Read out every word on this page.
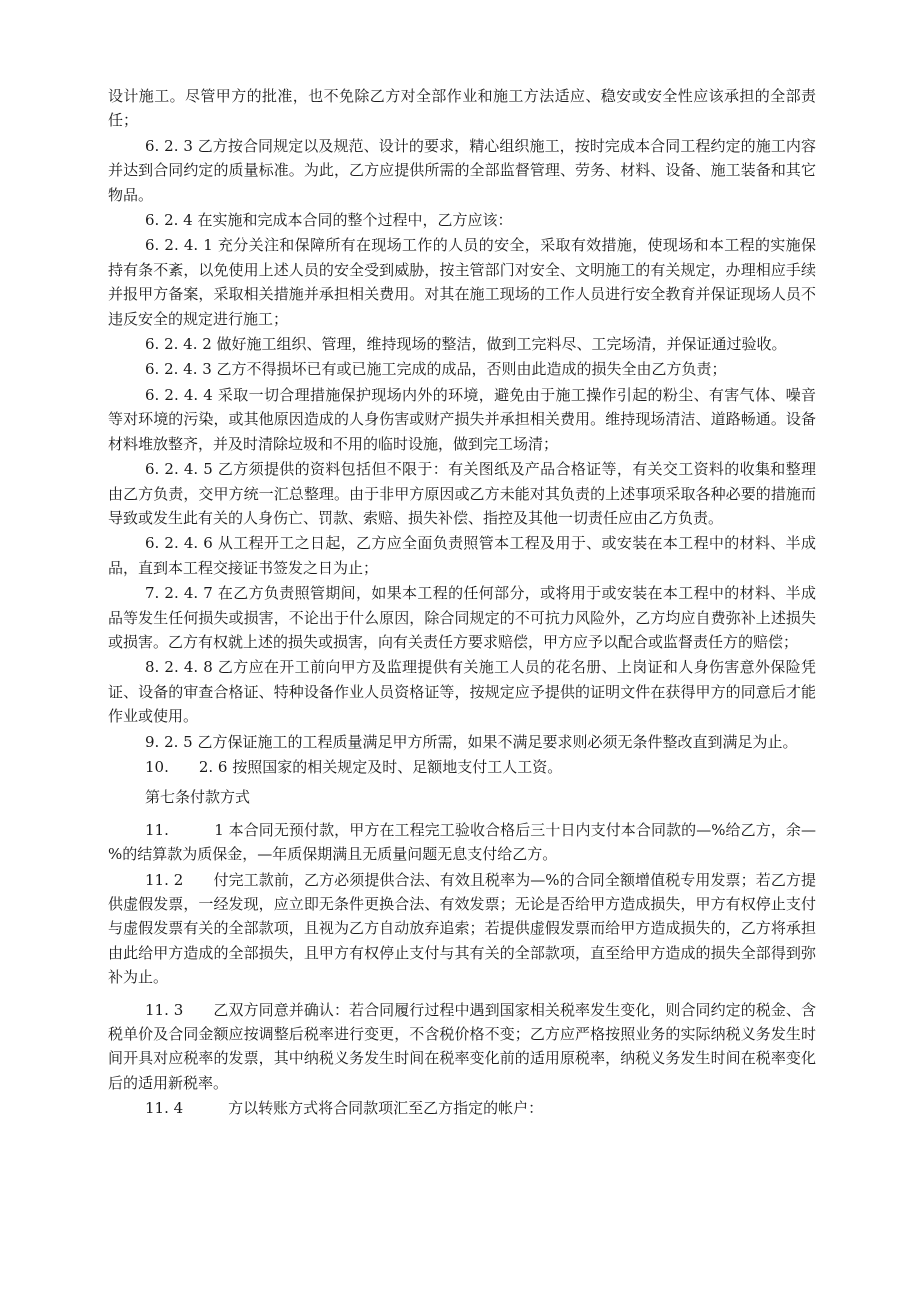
设计施工。尽管甲方的批准，也不免除乙方对全部作业和施工方法适应、稳安或安全性应该承担的全部责任；

6. 2. 3 乙方按合同规定以及规范、设计的要求，精心组织施工，按时完成本合同工程约定的施工内容并达到合同约定的质量标准。为此，乙方应提供所需的全部监督管理、劳务、材料、设备、施工装备和其它物品。

6. 2. 4 在实施和完成本合同的整个过程中，乙方应该：

6. 2. 4. 1 充分关注和保障所有在现场工作的人员的安全，采取有效措施，使现场和本工程的实施保持有条不紊，以免使用上述人员的安全受到威胁，按主管部门对安全、文明施工的有关规定，办理相应手续并报甲方备案，采取相关措施并承担相关费用。对其在施工现场的工作人员进行安全教育并保证现场人员不违反安全的规定进行施工；

6. 2. 4. 2 做好施工组织、管理，维持现场的整洁，做到工完料尽、工完场清，并保证通过验收。

6. 2. 4. 3 乙方不得损坏已有或已施工完成的成品，否则由此造成的损失全由乙方负责；

6. 2. 4. 4 采取一切合理措施保护现场内外的环境，避免由于施工操作引起的粉尘、有害气体、噪音等对环境的污染，或其他原因造成的人身伤害或财产损失并承担相关费用。维持现场清洁、道路畅通。设备材料堆放整齐，并及时清除垃圾和不用的临时设施，做到完工场清；

6. 2. 4. 5 乙方须提供的资料包括但不限于：有关图纸及产品合格证等，有关交工资料的收集和整理由乙方负责，交甲方统一汇总整理。由于非甲方原因或乙方未能对其负责的上述事项采取各种必要的措施而导致或发生此有关的人身伤亡、罚款、索赔、损失补偿、指控及其他一切责任应由乙方负责。

6. 2. 4. 6 从工程开工之日起，乙方应全面负责照管本工程及用于、或安装在本工程中的材料、半成品，直到本工程交接证书签发之日为止；

7. 2. 4. 7 在乙方负责照管期间，如果本工程的任何部分，或将用于或安装在本工程中的材料、半成品等发生任何损失或损害，不论出于什么原因，除合同规定的不可抗力风险外，乙方均应自费弥补上述损失或损害。乙方有权就上述的损失或损害，向有关责任方要求赔偿，甲方应予以配合或监督责任方的赔偿；

8. 2. 4. 8 乙方应在开工前向甲方及监理提供有关施工人员的花名册、上岗证和人身伤害意外保险凭证、设备的审查合格证、特种设备作业人员资格证等，按规定应予提供的证明文件在获得甲方的同意后才能作业或使用。

9. 2. 5 乙方保证施工的工程质量满足甲方所需，如果不满足要求则必须无条件整改直到满足为止。

10.　　2. 6 按照国家的相关规定及时、足额地支付工人工资。

第七条付款方式

11.　　　1 本合同无预付款，甲方在工程完工验收合格后三十日内支付本合同款的—%给乙方，余—%的结算款为质保金，—年质保期满且无质量问题无息支付给乙方。

11. 2　　付完工款前，乙方必须提供合法、有效且税率为—%的合同全额增值税专用发票；若乙方提供虚假发票，一经发现，应立即无条件更换合法、有效发票；无论是否给甲方造成损失，甲方有权停止支付与虚假发票有关的全部款项，且视为乙方自动放弃追索；若提供虚假发票而给甲方造成损失的，乙方将承担由此给甲方造成的全部损失，且甲方有权停止支付与其有关的全部款项，直至给甲方造成的损失全部得到弥补为止。

11. 3　　乙双方同意并确认：若合同履行过程中遇到国家相关税率发生变化，则合同约定的税金、含税单价及合同金额应按调整后税率进行变更，不含税价格不变；乙方应严格按照业务的实际纳税义务发生时间开具对应税率的发票，其中纳税义务发生时间在税率变化前的适用原税率，纳税义务发生时间在税率变化后的适用新税率。

11. 4　　　方以转账方式将合同款项汇至乙方指定的帐户：
